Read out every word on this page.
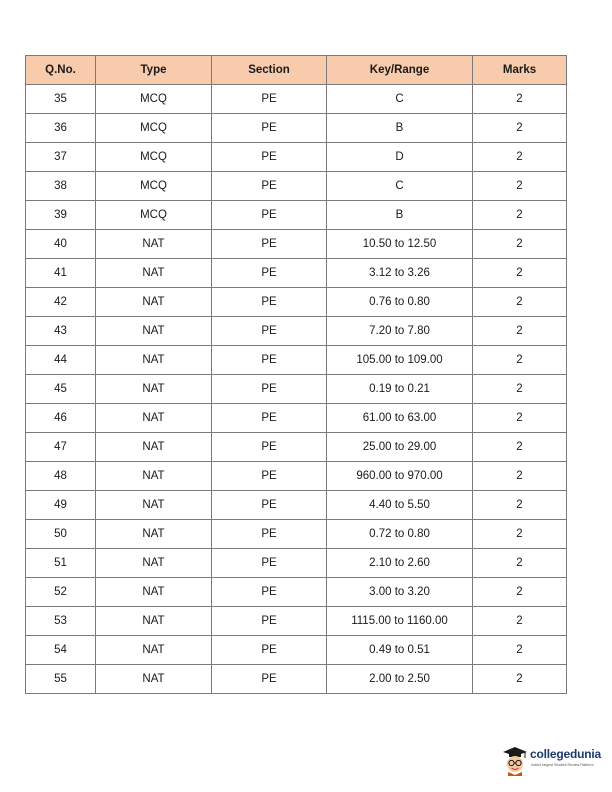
Q.No.	Type	Section	Key/Range	Marks
35	MCQ	PE	C	2
36	MCQ	PE	B	2
37	MCQ	PE	D	2
38	MCQ	PE	C	2
39	MCQ	PE	B	2
40	NAT	PE	10.50 to 12.50	2
41	NAT	PE	3.12 to 3.26	2
42	NAT	PE	0.76 to 0.80	2
43	NAT	PE	7.20 to 7.80	2
44	NAT	PE	105.00 to 109.00	2
45	NAT	PE	0.19 to 0.21	2
46	NAT	PE	61.00 to 63.00	2
47	NAT	PE	25.00 to 29.00	2
48	NAT	PE	960.00 to 970.00	2
49	NAT	PE	4.40 to 5.50	2
50	NAT	PE	0.72 to 0.80	2
51	NAT	PE	2.10 to 2.60	2
52	NAT	PE	3.00 to 3.20	2
53	NAT	PE	1115.00 to 1160.00	2
54	NAT	PE	0.49 to 0.51	2
55	NAT	PE	2.00 to 2.50	2
collegedunia
India's largest Student Review Platform
